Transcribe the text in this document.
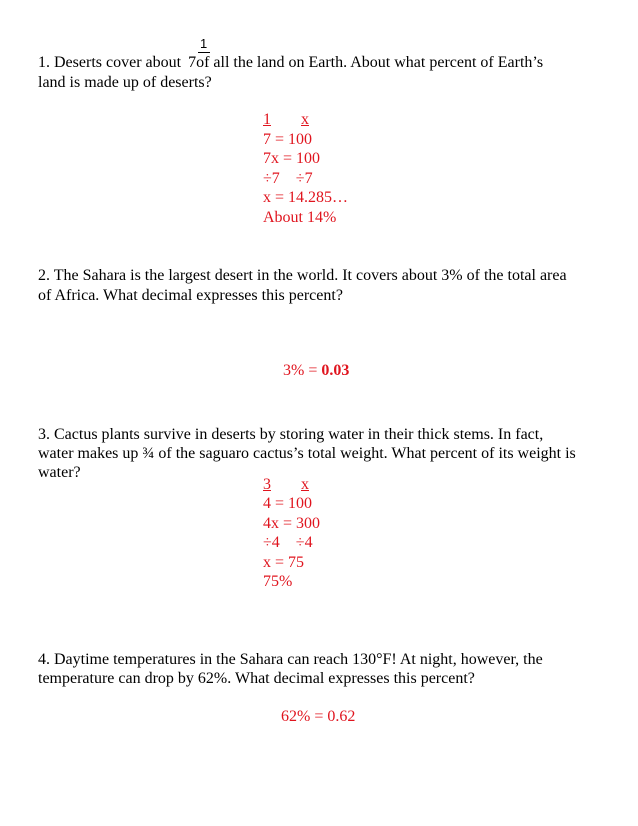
1
1. Deserts cover about 7of all the land on Earth. About what percent of Earth’s
land is made up of deserts?
1 x
7 = 100
7x = 100
÷7    ÷7
x = 14.285…
About 14%
2. The Sahara is the largest desert in the world. It covers about 3% of the total area
of Africa. What decimal expresses this percent?
3% = 0.03
3. Cactus plants survive in deserts by storing water in their thick stems. In fact,
water makes up ¾ of the saguaro cactus’s total weight. What percent of its weight is
water?
3 x
4 = 100
4x = 300
÷4    ÷4
x = 75
75%
4. Daytime temperatures in the Sahara can reach 130°F! At night, however, the
temperature can drop by 62%. What decimal expresses this percent?
62% = 0.62
